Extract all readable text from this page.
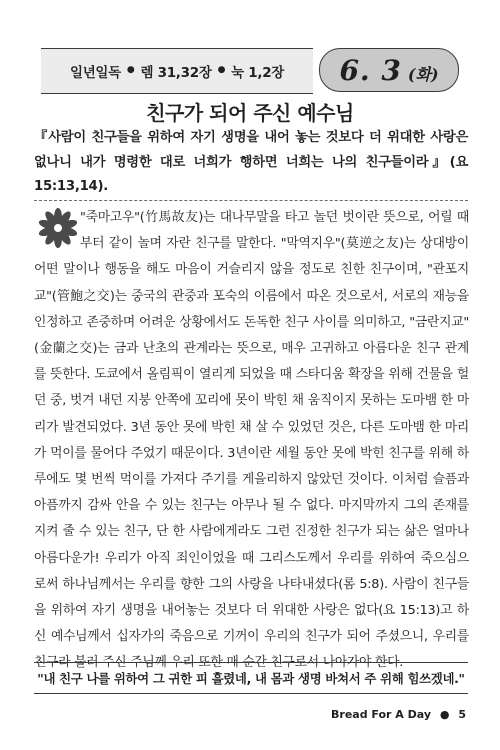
일년일독 ● 렘 31,32장 ● 눅 1,2장 6. 3 (화)
친구가 되어 주신 예수님
『사람이 친구들을 위하여 자기 생명을 내어 놓는 것보다 더 위대한 사랑은 없나니 내가 명령한 대로 너희가 행하면 너희는 나의 친구들이라』(요 15:13,14).
"죽마고우"(竹馬故友)는 대나무말을 타고 놀던 벗이란 뜻으로, 어릴 때부터 같이 놀며 자란 친구를 말한다. "막역지우"(莫逆之友)는 상대방이 어떤 말이나 행동을 해도 마음이 거슬리지 않을 정도로 친한 친구이며, "관포지교"(管鮑之交)는 중국의 관중과 포숙의 이름에서 따온 것으로서, 서로의 재능을 인정하고 존중하며 어려운 상황에서도 돈독한 친구 사이를 의미하고, "금란지교"(金蘭之交)는 금과 난초의 관계라는 뜻으로, 매우 고귀하고 아름다운 친구 관계를 뜻한다. 도쿄에서 올림픽이 열리게 되었을 때 스타디움 확장을 위해 건물을 헐던 중, 벗겨 내던 지붕 안쪽에 꼬리에 못이 박힌 채 움직이지 못하는 도마뱀 한 마리가 발견되었다. 3년 동안 못에 박힌 채 살 수 있었던 것은, 다른 도마뱀 한 마리가 먹이를 물어다 주었기 때문이다. 3년이란 세월 동안 못에 박힌 친구를 위해 하루에도 몇 번씩 먹이를 가져다 주기를 게을리하지 않았던 것이다. 이처럼 슬픔과 아픔까지 감싸 안을 수 있는 친구는 아무나 될 수 없다. 마지막까지 그의 존재를 지켜 줄 수 있는 친구, 단 한 사람에게라도 그런 진정한 친구가 되는 삶은 얼마나 아름다운가! 우리가 아직 죄인이었을 때 그리스도께서 우리를 위하여 죽으심으로써 하나님께서는 우리를 향한 그의 사랑을 나타내셨다(롬 5:8). 사람이 친구들을 위하여 자기 생명을 내어놓는 것보다 더 위대한 사랑은 없다(요 15:13)고 하신 예수님께서 십자가의 죽음으로 기꺼이 우리의 친구가 되어 주셨으니, 우리를 친구라 불러 주신 주님께 우리 또한 매 순간 친구로서 나아가야 한다.
"내 친구 나를 위하여 그 귀한 피 흘렸네, 내 몸과 생명 바쳐서 주 위해 힘쓰겠네."
Bread For A Day ● 5
